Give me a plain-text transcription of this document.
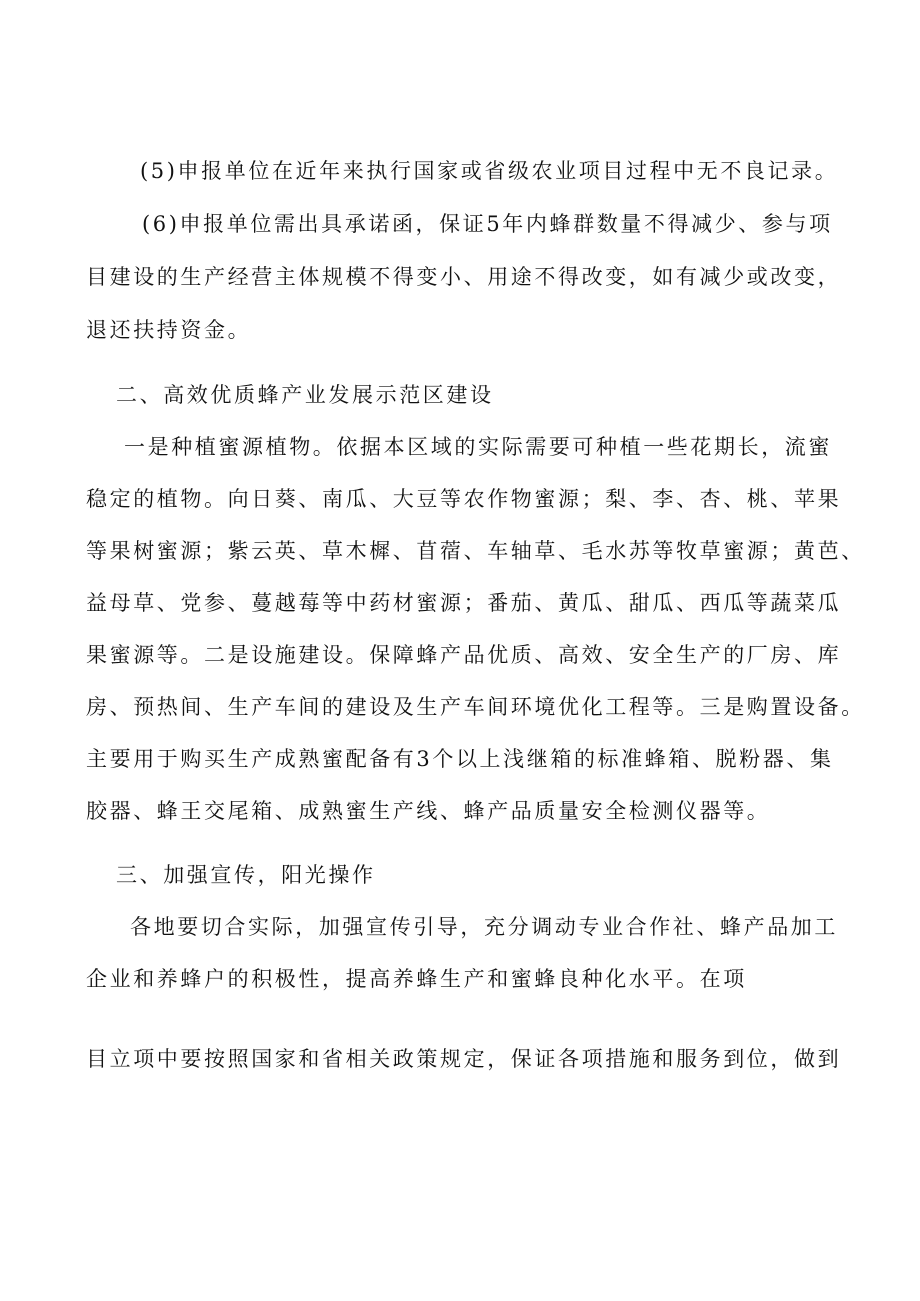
(5)申报单位在近年来执行国家或省级农业项目过程中无不良记录。
(6)申报单位需出具承诺函，保证5年内蜂群数量不得减少、参与项
目建设的生产经营主体规模不得变小、用途不得改变，如有减少或改变，
退还扶持资金。
二、高效优质蜂产业发展示范区建设
一是种植蜜源植物。依据本区域的实际需要可种植一些花期长，流蜜
稳定的植物。向日葵、南瓜、大豆等农作物蜜源；梨、李、杏、桃、苹果
等果树蜜源；紫云英、草木樨、苜蓿、车轴草、毛水苏等牧草蜜源；黄芭、
益母草、党参、蔓越莓等中药材蜜源；番茄、黄瓜、甜瓜、西瓜等蔬菜瓜
果蜜源等。二是设施建设。保障蜂产品优质、高效、安全生产的厂房、库
房、预热间、生产车间的建设及生产车间环境优化工程等。三是购置设备。
主要用于购买生产成熟蜜配备有3个以上浅继箱的标准蜂箱、脱粉器、集
胶器、蜂王交尾箱、成熟蜜生产线、蜂产品质量安全检测仪器等。
三、加强宣传，阳光操作
各地要切合实际，加强宣传引导，充分调动专业合作社、蜂产品加工
企业和养蜂户的积极性，提高养蜂生产和蜜蜂良种化水平。在项
目立项中要按照国家和省相关政策规定，保证各项措施和服务到位，做到
